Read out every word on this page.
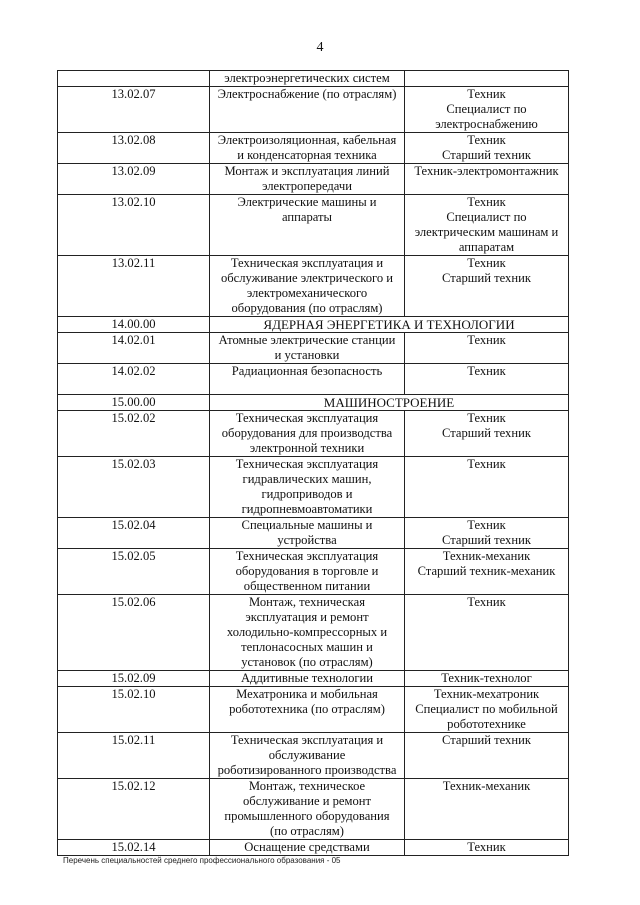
4

	электроэнергетических систем	

13.02.07	Электроснабжение (по отраслям)	Техник
Специалист по
электроснабжению

13.02.08	Электроизоляционная, кабельная
и конденсаторная техника	Техник
Старший техник

13.02.09	Монтаж и эксплуатация линий
электропередачи	Техник-электромонтажник

13.02.10	Электрические машины и
аппараты	Техник
Специалист по
электрическим машинам и
аппаратам

13.02.11	Техническая эксплуатация и
обслуживание электрического и
электромеханического
оборудования (по отраслям)	Техник
Старший техник

14.00.00	ЯДЕРНАЯ ЭНЕРГЕТИКА И ТЕХНОЛОГИИ	
14.02.01	Атомные электрические станции
и установки	Техник

14.02.02	Радиационная безопасность	Техник

15.00.00	МАШИНОСТРОЕНИЕ	
15.02.02	Техническая эксплуатация
оборудования для производства
электронной техники	Техник
Старший техник

15.02.03	Техническая эксплуатация
гидравлических машин,
гидроприводов и
гидропневмоавтоматики	Техник

15.02.04	Специальные машины и
устройства	Техник
Старший техник

15.02.05	Техническая эксплуатация
оборудования в торговле и
общественном питании	Техник-механик
Старший техник-механик

15.02.06	Монтаж, техническая
эксплуатация и ремонт
холодильно-компрессорных и
теплонасосных машин и
установок (по отраслям)	Техник

15.02.09	Аддитивные технологии	Техник-технолог

15.02.10	Мехатроника и мобильная
робототехника (по отраслям)	Техник-мехатроник
Специалист по мобильной
робототехнике

15.02.11	Техническая эксплуатация и
обслуживание
роботизированного производства	Старший техник

15.02.12	Монтаж, техническое
обслуживание и ремонт
промышленного оборудования
(по отраслям)	Техник-механик

15.02.14	Оснащение средствами	Техник
Перечень специальностей среднего профессионального образования - 05
